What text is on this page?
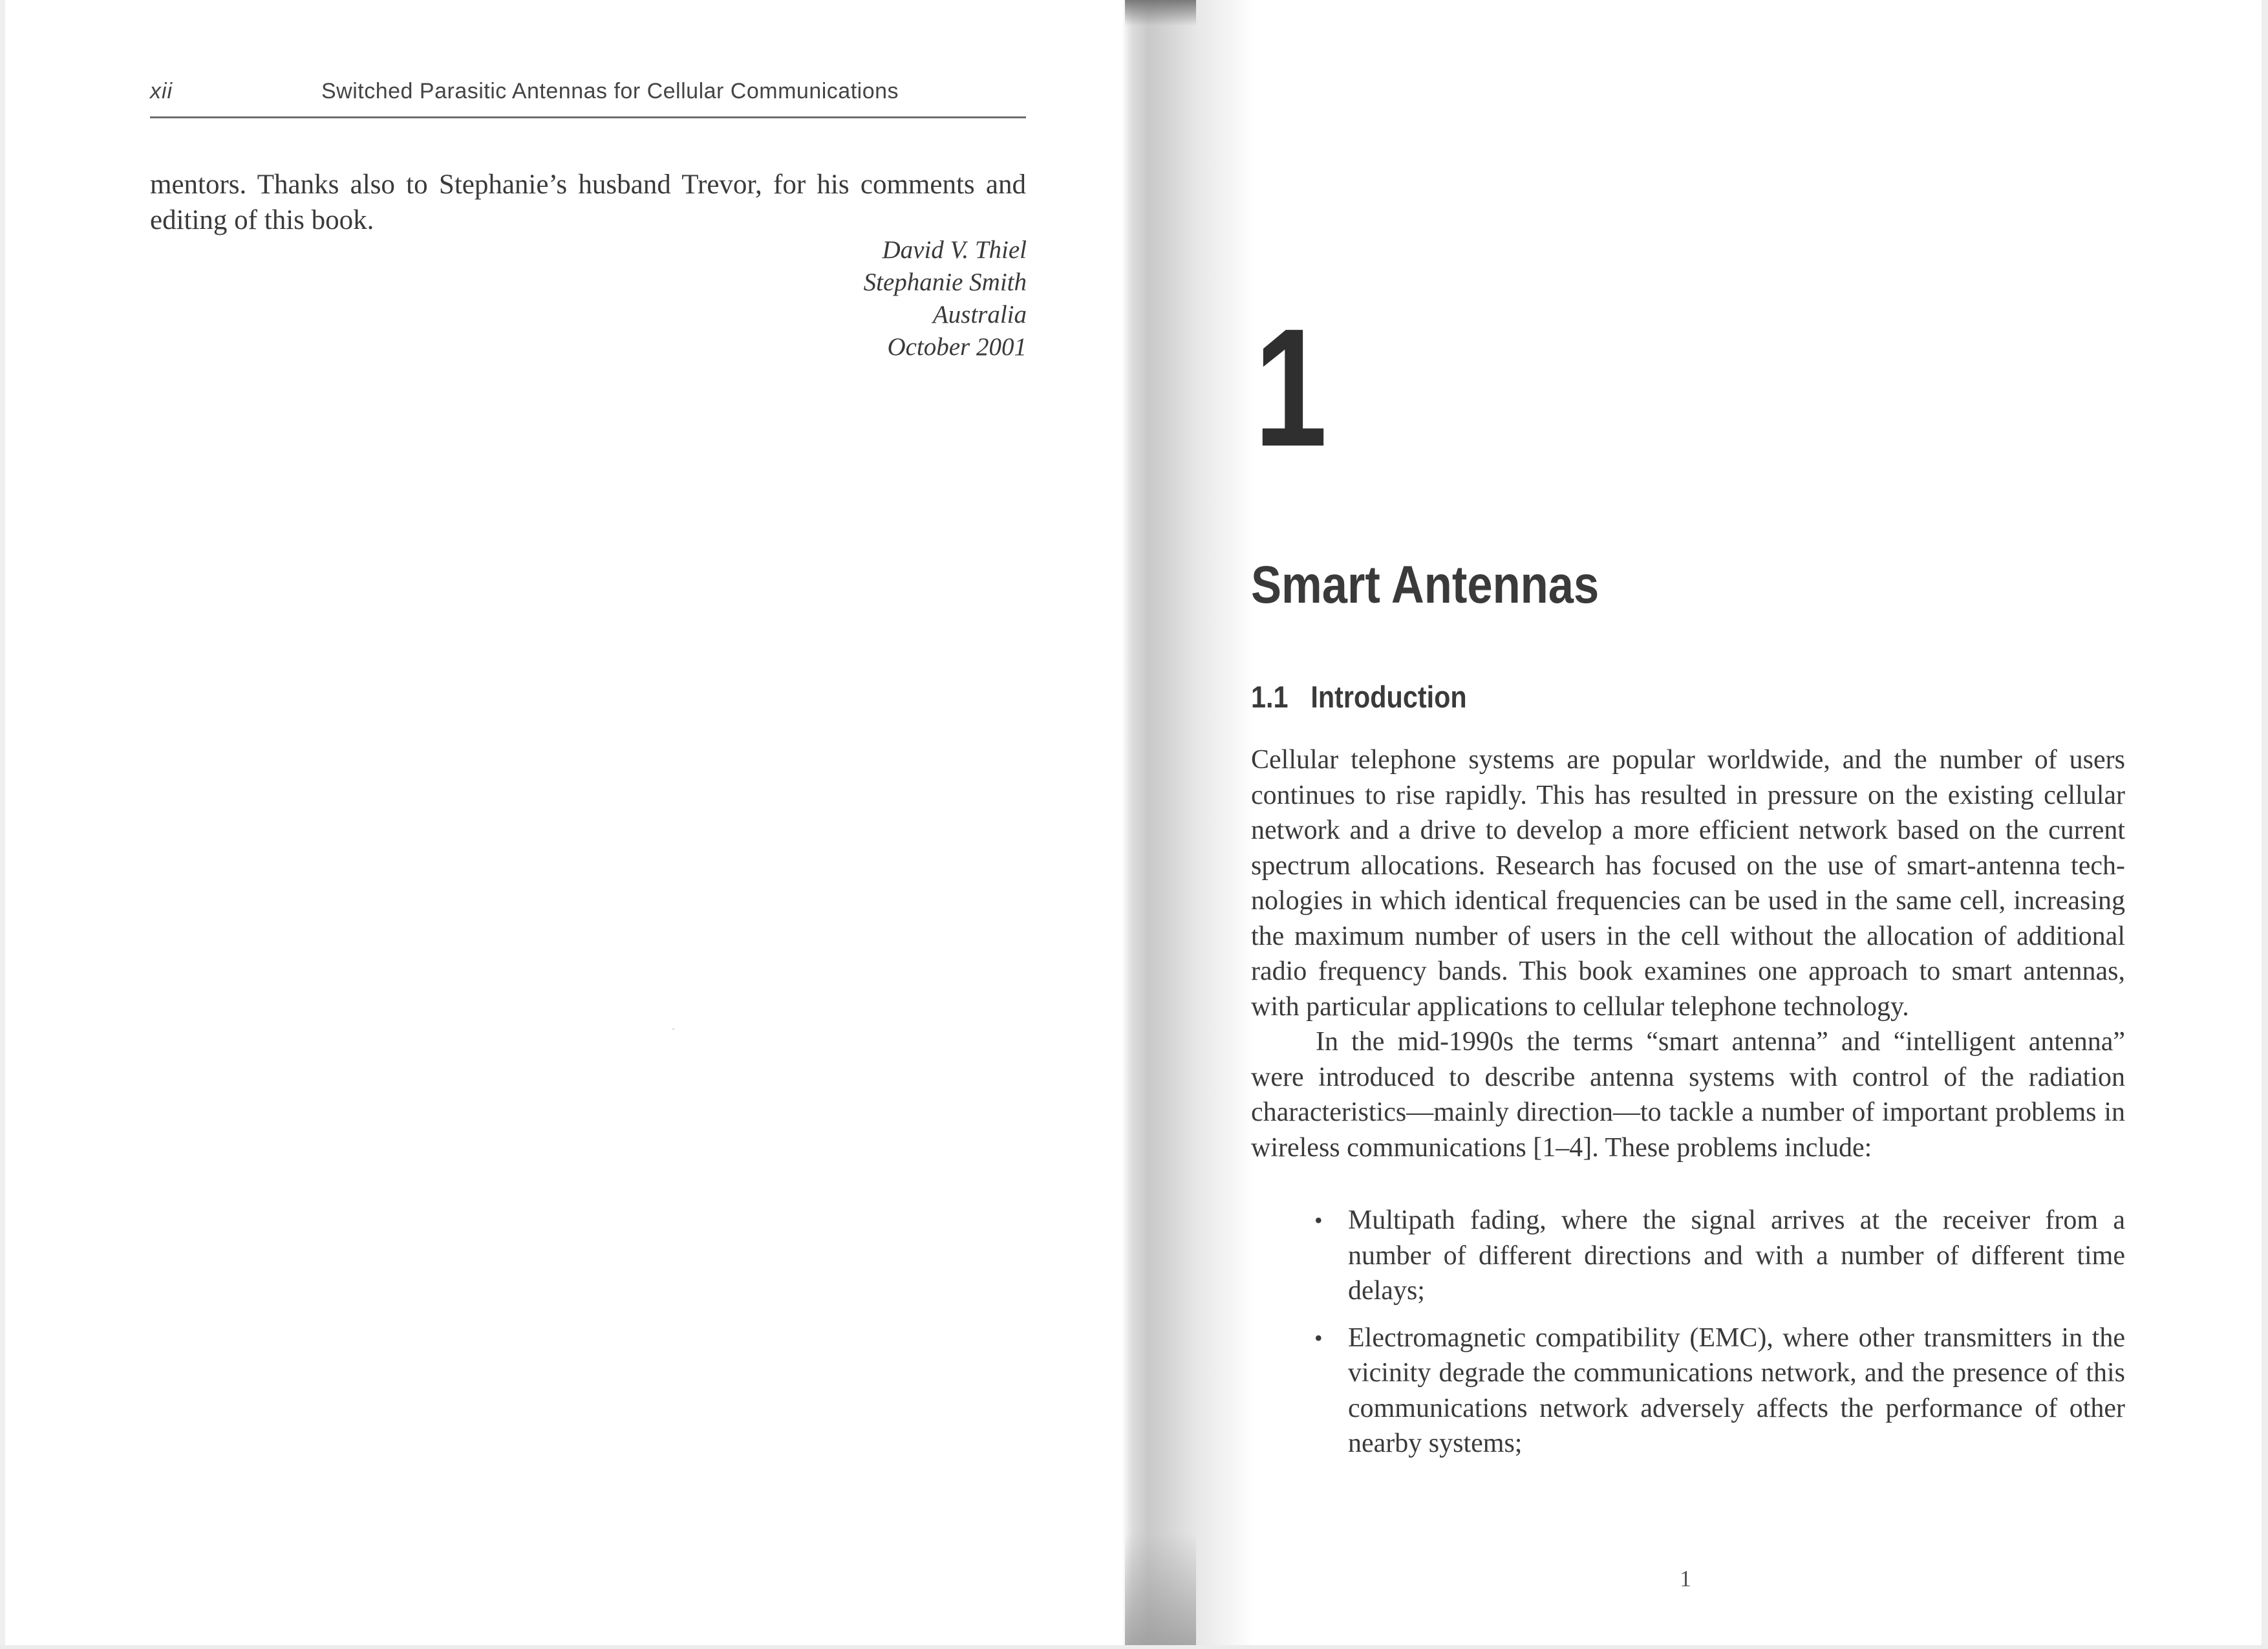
xii	Switched Parasitic Antennas for Cellular Communications
mentors. Thanks also to Stephanie’s husband Trevor, for his comments and editing of this book.
David V. Thiel
Stephanie Smith
Australia
October 2001 1
Smart Antennas
1.1 Introduction

Cellular telephone systems are popular worldwide, and the number of users continues to rise rapidly. This has resulted in pressure on the existing cellular network and a drive to develop a more efficient network based on the current spectrum allocations. Research has focused on the use of smart-antenna technologies in which identical frequencies can be used in the same cell, increasing the maximum number of users in the cell without the allocation of additional radio frequency bands. This book examines one approach to smart antennas, with particular applications to cellular telephone technology.

In the mid-1990s the terms “smart antenna” and “intelligent antenna” were introduced to describe antenna systems with control of the radiation characteristics—mainly direction—to tackle a number of important problems in wireless communications [1–4]. These problems include:

• Multipath fading, where the signal arrives at the receiver from a number of different directions and with a number of different time delays;
• Electromagnetic compatibility (EMC), where other transmitters in the vicinity degrade the communications network, and the presence of this communications network adversely affects the performance of other nearby systems;
1
